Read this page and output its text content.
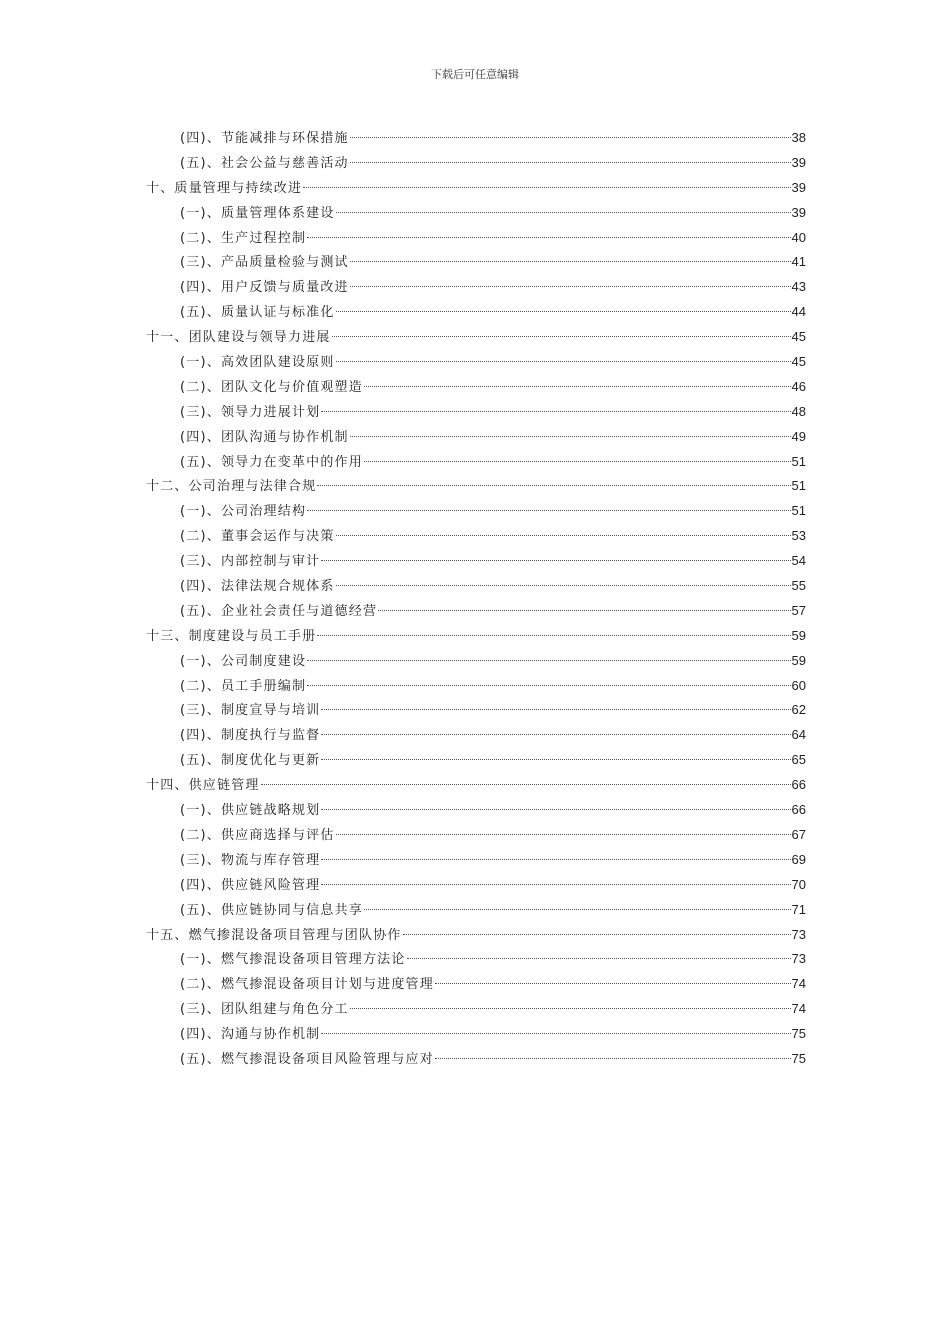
下载后可任意编辑
(四)、节能减排与环保措施	38
(五)、社会公益与慈善活动	39
十、质量管理与持续改进	39
(一)、质量管理体系建设	39
(二)、生产过程控制	40
(三)、产品质量检验与测试	41
(四)、用户反馈与质量改进	43
(五)、质量认证与标准化	44
十一、团队建设与领导力进展	45
(一)、高效团队建设原则	45
(二)、团队文化与价值观塑造	46
(三)、领导力进展计划	48
(四)、团队沟通与协作机制	49
(五)、领导力在变革中的作用	51
十二、公司治理与法律合规	51
(一)、公司治理结构	51
(二)、董事会运作与决策	53
(三)、内部控制与审计	54
(四)、法律法规合规体系	55
(五)、企业社会责任与道德经营	57
十三、制度建设与员工手册	59
(一)、公司制度建设	59
(二)、员工手册编制	60
(三)、制度宣导与培训	62
(四)、制度执行与监督	64
(五)、制度优化与更新	65
十四、供应链管理	66
(一)、供应链战略规划	66
(二)、供应商选择与评估	67
(三)、物流与库存管理	69
(四)、供应链风险管理	70
(五)、供应链协同与信息共享	71
十五、燃气掺混设备项目管理与团队协作	73
(一)、燃气掺混设备项目管理方法论	73
(二)、燃气掺混设备项目计划与进度管理	74
(三)、团队组建与角色分工	74
(四)、沟通与协作机制	75
(五)、燃气掺混设备项目风险管理与应对	75
